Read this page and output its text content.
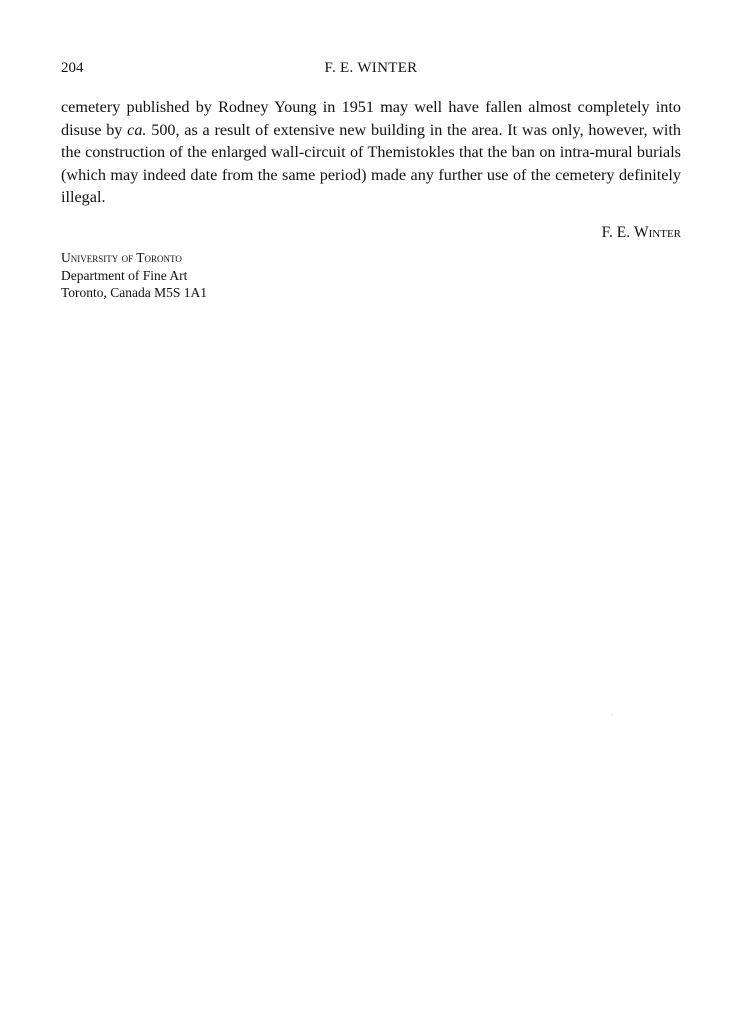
204	F. E. WINTER

cemetery published by Rodney Young in 1951 may well have fallen almost completely into disuse by ca. 500, as a result of extensive new building in the area. It was only, however, with the construction of the enlarged wall-circuit of Themistokles that the ban on intra-mural burials (which may indeed date from the same period) made any further use of the cemetery definitely illegal.

F. E. Winter
University of Toronto
Department of Fine Art
Toronto, Canada M5S 1A1
